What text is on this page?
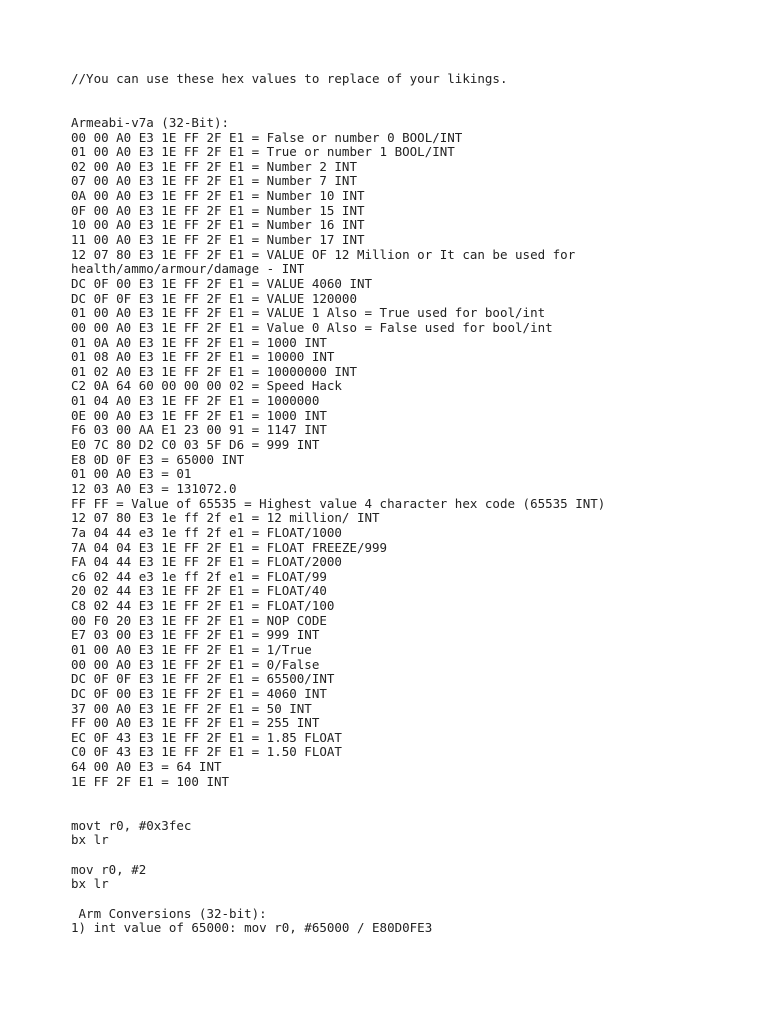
//You can use these hex values to replace of your likings.
Armeabi-v7a (32-Bit):
00 00 A0 E3 1E FF 2F E1 = False or number 0 BOOL/INT
01 00 A0 E3 1E FF 2F E1 = True or number 1 BOOL/INT
02 00 A0 E3 1E FF 2F E1 = Number 2 INT
07 00 A0 E3 1E FF 2F E1 = Number 7 INT
0A 00 A0 E3 1E FF 2F E1 = Number 10 INT
0F 00 A0 E3 1E FF 2F E1 = Number 15 INT
10 00 A0 E3 1E FF 2F E1 = Number 16 INT
11 00 A0 E3 1E FF 2F E1 = Number 17 INT
12 07 80 E3 1E FF 2F E1 = VALUE OF 12 Million or It can be used for
health/ammo/armour/damage - INT
DC 0F 00 E3 1E FF 2F E1 = VALUE 4060 INT
DC 0F 0F E3 1E FF 2F E1 = VALUE 120000
01 00 A0 E3 1E FF 2F E1 = VALUE 1 Also = True used for bool/int
00 00 A0 E3 1E FF 2F E1 = Value 0 Also = False used for bool/int
01 0A A0 E3 1E FF 2F E1 = 1000 INT
01 08 A0 E3 1E FF 2F E1 = 10000 INT
01 02 A0 E3 1E FF 2F E1 = 10000000 INT
C2 0A 64 60 00 00 00 02 = Speed Hack
01 04 A0 E3 1E FF 2F E1 = 1000000
0E 00 A0 E3 1E FF 2F E1 = 1000 INT
F6 03 00 AA E1 23 00 91 = 1147 INT
E0 7C 80 D2 C0 03 5F D6 = 999 INT
E8 0D 0F E3 = 65000 INT
01 00 A0 E3 = 01
12 03 A0 E3 = 131072.0
FF FF = Value of 65535 = Highest value 4 character hex code (65535 INT)
12 07 80 E3 1e ff 2f e1 = 12 million/ INT
7a 04 44 e3 1e ff 2f e1 = FLOAT/1000
7A 04 04 E3 1E FF 2F E1 = FLOAT FREEZE/999
FA 04 44 E3 1E FF 2F E1 = FLOAT/2000
c6 02 44 e3 1e ff 2f e1 = FLOAT/99
20 02 44 E3 1E FF 2F E1 = FLOAT/40
C8 02 44 E3 1E FF 2F E1 = FLOAT/100
00 F0 20 E3 1E FF 2F E1 = NOP CODE
E7 03 00 E3 1E FF 2F E1 = 999 INT
01 00 A0 E3 1E FF 2F E1 = 1/True
00 00 A0 E3 1E FF 2F E1 = 0/False
DC 0F 0F E3 1E FF 2F E1 = 65500/INT
DC 0F 00 E3 1E FF 2F E1 = 4060 INT
37 00 A0 E3 1E FF 2F E1 = 50 INT
FF 00 A0 E3 1E FF 2F E1 = 255 INT
EC 0F 43 E3 1E FF 2F E1 = 1.85 FLOAT
C0 0F 43 E3 1E FF 2F E1 = 1.50 FLOAT
64 00 A0 E3 = 64 INT
1E FF 2F E1 = 100 INT
movt r0, #0x3fec
bx lr
mov r0, #2
bx lr
Arm Conversions (32-bit):
1) int value of 65000: mov r0, #65000 / E80D0FE3
